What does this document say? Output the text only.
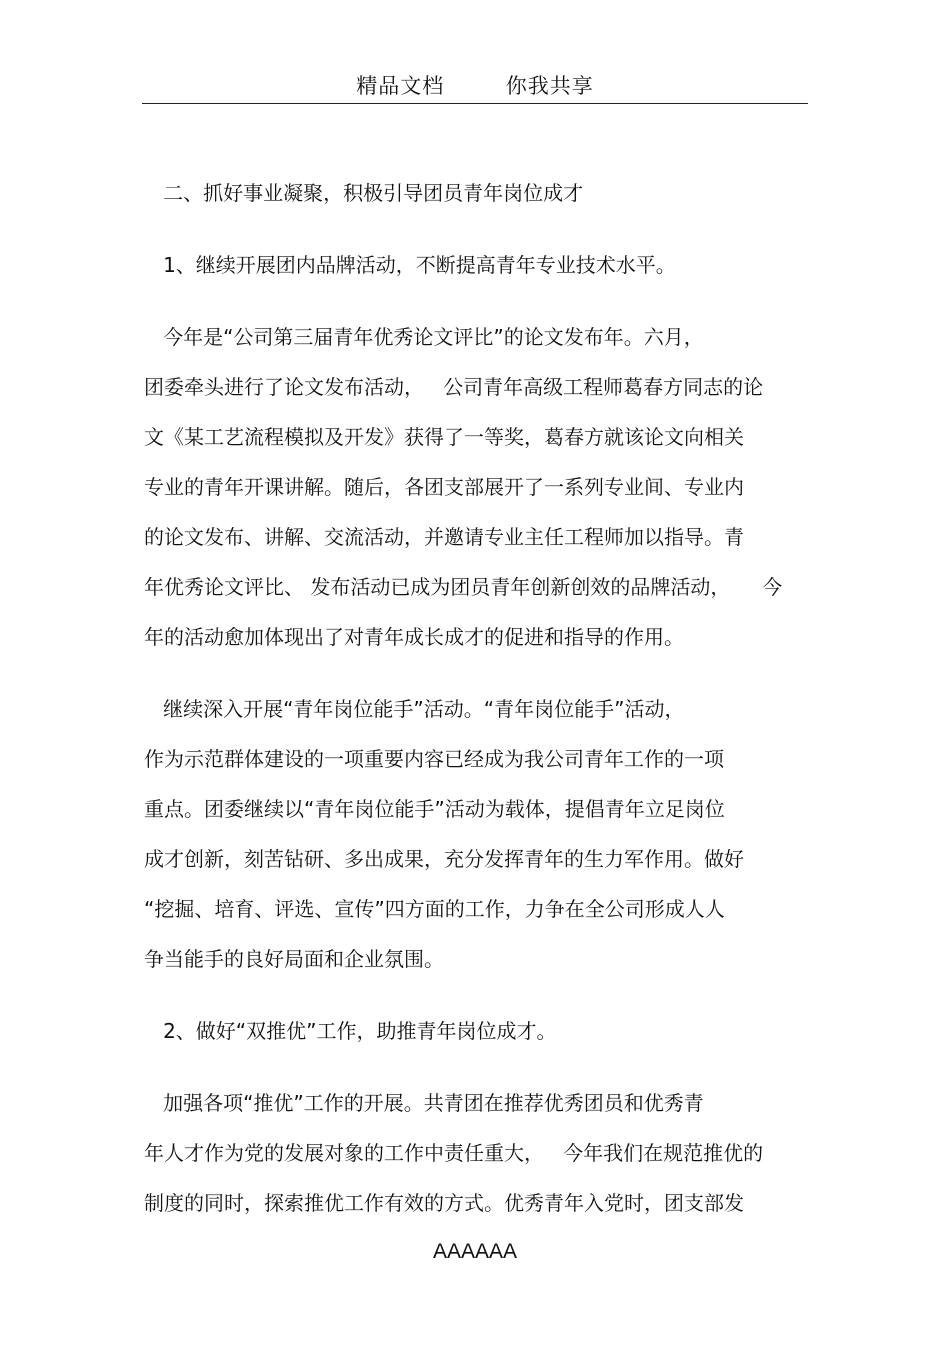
精品文档        你我共享
二、抓好事业凝聚，积极引导团员青年岗位成才
1、继续开展团内品牌活动，不断提高青年专业技术水平。
今年是“公司第三届青年优秀论文评比”的论文发布年。六月，
团委牵头进行了论文发布活动，   公司青年高级工程师葛春方同志的论
文《某工艺流程模拟及开发》获得了一等奖，葛春方就该论文向相关
专业的青年开课讲解。随后，各团支部展开了一系列专业间、专业内
的论文发布、讲解、交流活动，并邀请专业主任工程师加以指导。青
年优秀论文评比、 发布活动已成为团员青年创新创效的品牌活动，     今
年的活动愈加体现出了对青年成长成才的促进和指导的作用。
继续深入开展“青年岗位能手”活动。“青年岗位能手”活动，
作为示范群体建设的一项重要内容已经成为我公司青年工作的一项
重点。团委继续以“青年岗位能手”活动为载体，提倡青年立足岗位
成才创新，刻苦钻研、多出成果，充分发挥青年的生力军作用。做好
“挖掘、培育、评选、宣传”四方面的工作，力争在全公司形成人人
争当能手的良好局面和企业氛围。
2、做好“双推优”工作，助推青年岗位成才。
加强各项“推优”工作的开展。共青团在推荐优秀团员和优秀青
年人才作为党的发展对象的工作中责任重大，   今年我们在规范推优的
制度的同时，探索推优工作有效的方式。优秀青年入党时，团支部发
AAAAAA
